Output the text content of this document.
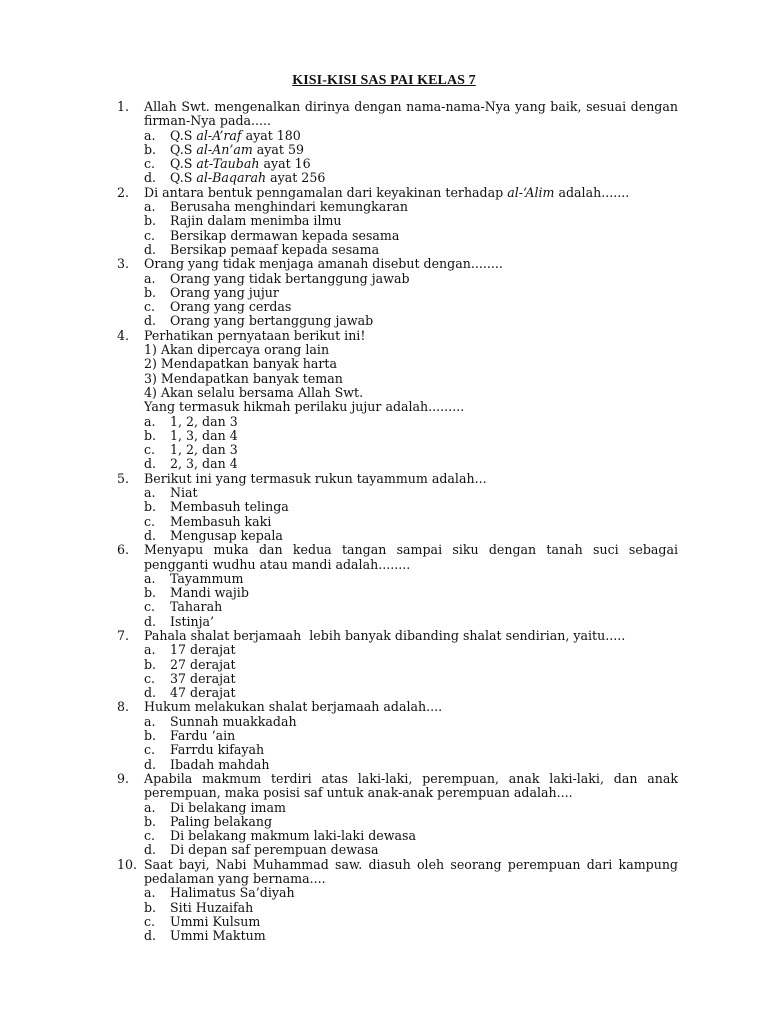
KISI-KISI SAS PAI KELAS 7
1.	Allah Swt. mengenalkan dirinya dengan nama-nama-Nya yang baik, sesuai dengan firman-Nya pada.....
a.	Q.S al-A’raf ayat 180
b.	Q.S al-An’am ayat 59
c.	Q.S at-Taubah ayat 16
d.	Q.S al-Baqarah ayat 256
2.	Di antara bentuk penngamalan dari keyakinan terhadap al-‘Alim adalah.......
a.	Berusaha menghindari kemungkaran
b.	Rajin dalam menimba ilmu
c.	Bersikap dermawan kepada sesama
d.	Bersikap pemaaf kepada sesama
3.	Orang yang tidak menjaga amanah disebut dengan........
a.	Orang yang tidak bertanggung jawab
b.	Orang yang jujur
c.	Orang yang cerdas
d.	Orang yang bertanggung jawab
4.	Perhatikan pernyataan berikut ini!
1) Akan dipercaya orang lain
2) Mendapatkan banyak harta
3) Mendapatkan banyak teman
4) Akan selalu bersama Allah Swt.
Yang termasuk hikmah perilaku jujur adalah.........
a.	1, 2, dan 3
b.	1, 3, dan 4
c.	1, 2, dan 3
d.	2, 3, dan 4
5.	Berikut ini yang termasuk rukun tayammum adalah...
a.	Niat
b.	Membasuh telinga
c.	Membasuh kaki
d.	Mengusap kepala
6.	Menyapu muka dan kedua tangan sampai siku dengan tanah suci sebagai pengganti wudhu atau mandi adalah........
a.	Tayammum
b.	Mandi wajib
c.	Taharah
d.	Istinja’
7.	Pahala shalat berjamaah  lebih banyak dibanding shalat sendirian, yaitu.....
a.	17 derajat
b.	27 derajat
c.	37 derajat
d.	47 derajat
8.	Hukum melakukan shalat berjamaah adalah....
a.	Sunnah muakkadah
b.	Fardu ‘ain
c.	Farrdu kifayah
d.	Ibadah mahdah
9.	Apabila makmum terdiri atas laki-laki, perempuan, anak laki-laki, dan anak perempuan, maka posisi saf untuk anak-anak perempuan adalah....
a.	Di belakang imam
b.	Paling belakang
c.	Di belakang makmum laki-laki dewasa
d.	Di depan saf perempuan dewasa
10. Saat bayi, Nabi Muhammad saw. diasuh oleh seorang perempuan dari kampung pedalaman yang bernama....
a.	Halimatus Sa’diyah
b.	Siti Huzaifah
c.	Ummi Kulsum
d.	Ummi Maktum
